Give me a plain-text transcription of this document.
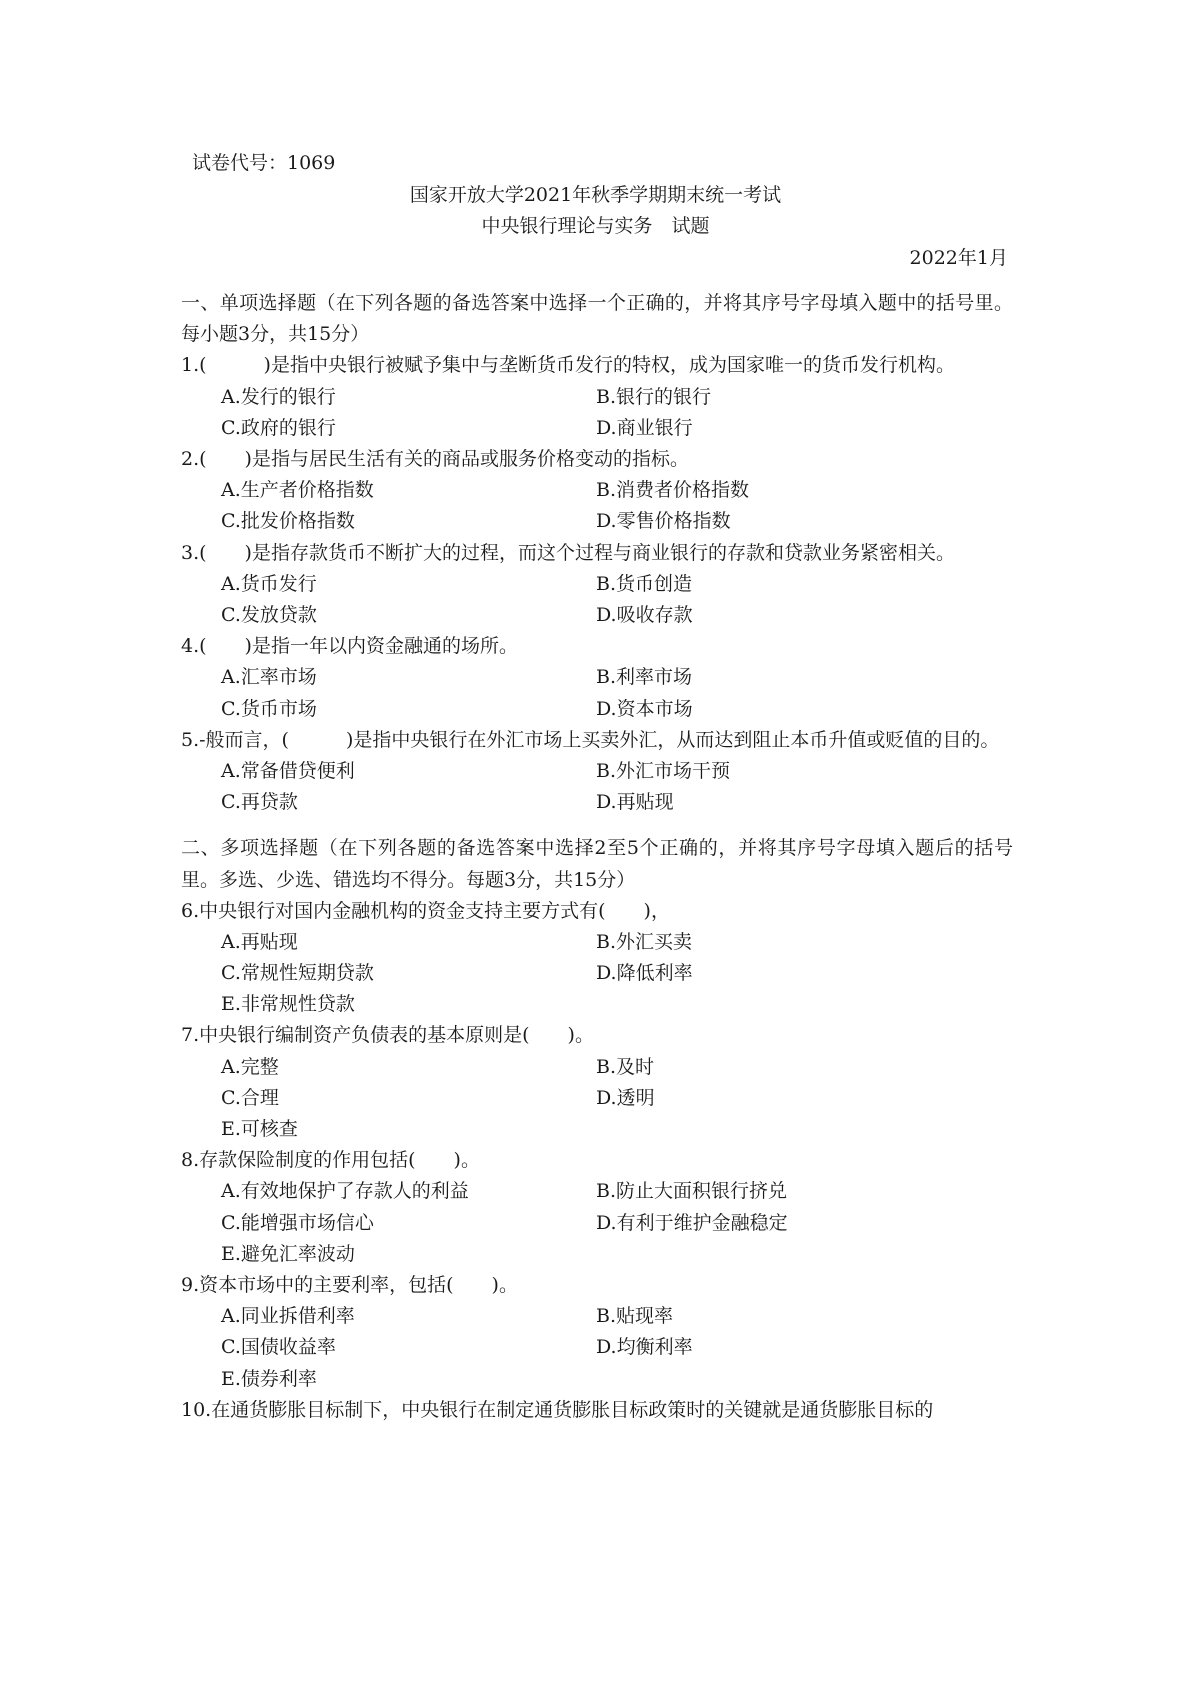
试卷代号：1069
国家开放大学2021年秋季学期期末统一考试
中央银行理论与实务　试题
2022年1月
一、单项选择题（在下列各题的备选答案中选择一个正确的，并将其序号字母填入题中的括号里。每小题3分，共15分）
1.(　　　)是指中央银行被赋予集中与垄断货币发行的特权，成为国家唯一的货币发行机构。
A.发行的银行	B.银行的银行
C.政府的银行	D.商业银行
2.(　　)是指与居民生活有关的商品或服务价格变动的指标。
A.生产者价格指数	B.消费者价格指数
C.批发价格指数	D.零售价格指数
3.(　　)是指存款货币不断扩大的过程，而这个过程与商业银行的存款和贷款业务紧密相关。
A.货币发行	B.货币创造
C.发放贷款	D.吸收存款
4.(　　)是指一年以内资金融通的场所。
A.汇率市场	B.利率市场
C.货币市场	D.资本市场
5.-般而言，(　　　)是指中央银行在外汇市场上买卖外汇，从而达到阻止本币升值或贬值的目的。
A.常备借贷便利	B.外汇市场干预
C.再贷款	D.再贴现
二、多项选择题（在下列各题的备选答案中选择2至5个正确的，并将其序号字母填入题后的括号里。多选、少选、错选均不得分。每题3分，共15分）
6.中央银行对国内金融机构的资金支持主要方式有(　　)，
A.再贴现	B.外汇买卖
C.常规性短期贷款	D.降低利率
E.非常规性贷款
7.中央银行编制资产负债表的基本原则是(　　)。
A.完整	B.及时
C.合理	D.透明
E.可核查
8.存款保险制度的作用包括(　　)。
A.有效地保护了存款人的利益	B.防止大面积银行挤兑
C.能增强市场信心	D.有利于维护金融稳定
E.避免汇率波动
9.资本市场中的主要利率，包括(　　)。
A.同业拆借利率	B.贴现率
C.国债收益率	D.均衡利率
E.债券利率
10.在通货膨胀目标制下，中央银行在制定通货膨胀目标政策时的关键就是通货膨胀目标的
